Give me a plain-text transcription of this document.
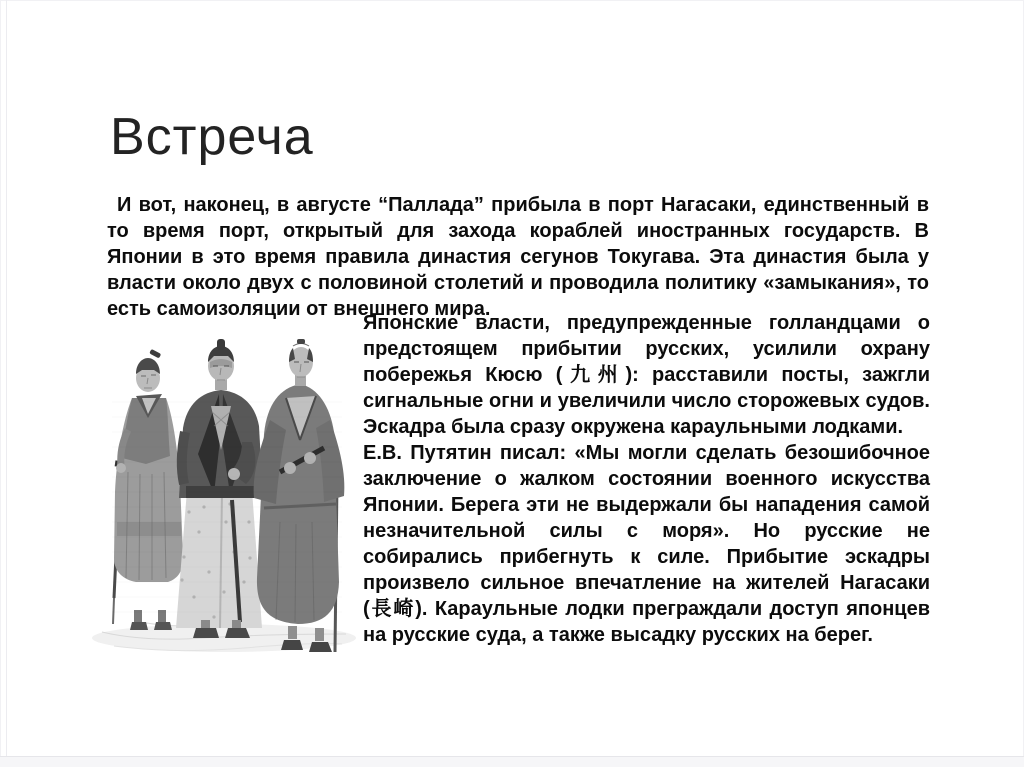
Встреча

И вот, наконец, в августе “Паллада” прибыла в порт Нагасаки, единственный в то время порт, открытый для захода кораблей иностранных государств. В Японии в это время правила династия сегунов Токугава. Эта династия была у власти около двух с половиной столетий и проводила политику «замыкания», то есть самоизоляции от внешнего мира.

Японские власти, предупрежденные голландцами о предстоящем прибытии русских, усилили охрану побережья Кюсю (九州): расставили посты, зажгли сигнальные огни и увеличили число сторожевых судов. Эскадра была сразу окружена караульными лодками.

Е.В. Путятин писал: «Мы могли сделать безошибочное заключение о жалком состоянии военного искусства Японии. Берега эти не выдержали бы нападения самой незначительной силы с моря». Но русские не собирались прибегнуть к силе. Прибытие эскадры произвело сильное впечатление на жителей Нагасаки (長崎). Караульные лодки преграждали доступ японцев на русские суда, а также высадку русских на берег.
